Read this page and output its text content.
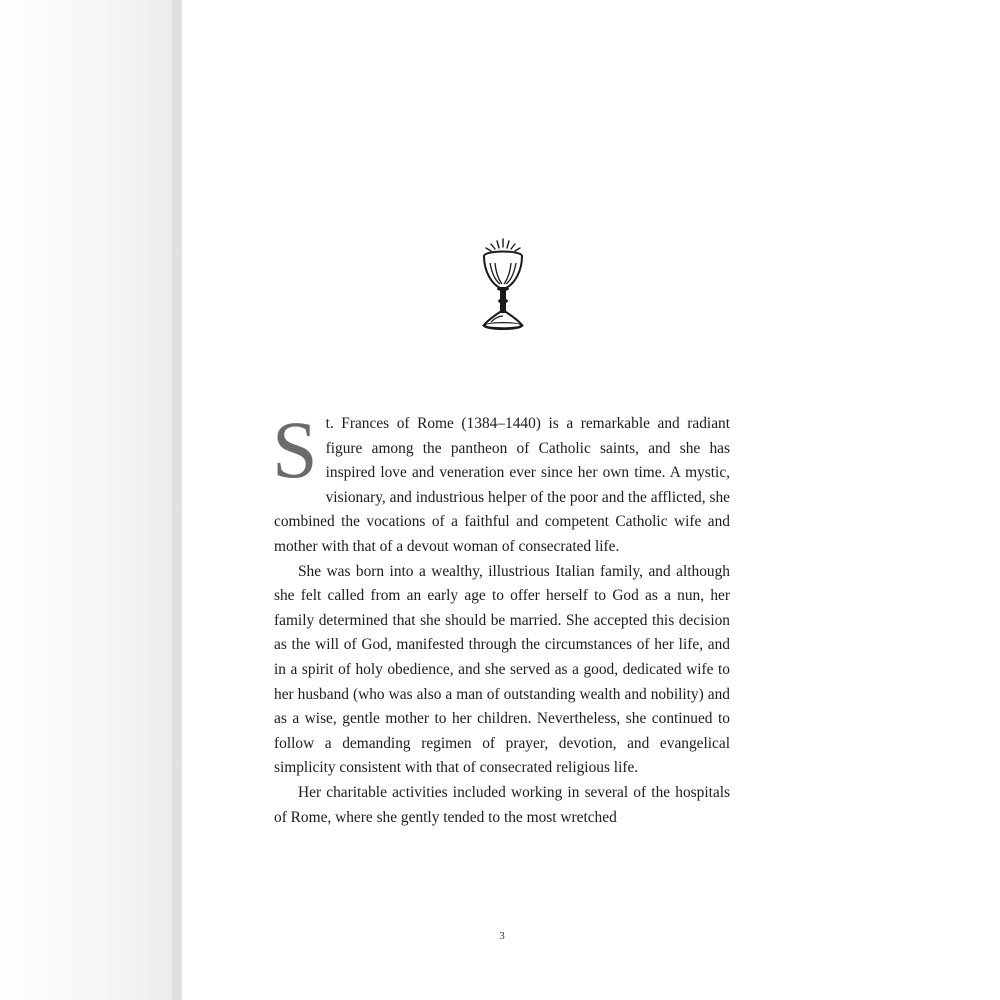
St. Frances of Rome (1384–1440) is a remarkable and radiant figure among the pantheon of Catholic saints, and she has inspired love and veneration ever since her own time. A mystic, visionary, and industrious helper of the poor and the afflicted, she combined the vocations of a faithful and competent Catholic wife and mother with that of a devout woman of consecrated life.

She was born into a wealthy, illustrious Italian family, and although she felt called from an early age to offer herself to God as a nun, her family determined that she should be married. She accepted this decision as the will of God, manifested through the circumstances of her life, and in a spirit of holy obedience, and she served as a good, dedicated wife to her husband (who was also a man of outstanding wealth and nobility) and as a wise, gentle mother to her children. Nevertheless, she continued to follow a demanding regimen of prayer, devotion, and evangelical simplicity consistent with that of consecrated religious life.

Her charitable activities included working in several of the hospitals of Rome, where she gently tended to the most wretched

3
